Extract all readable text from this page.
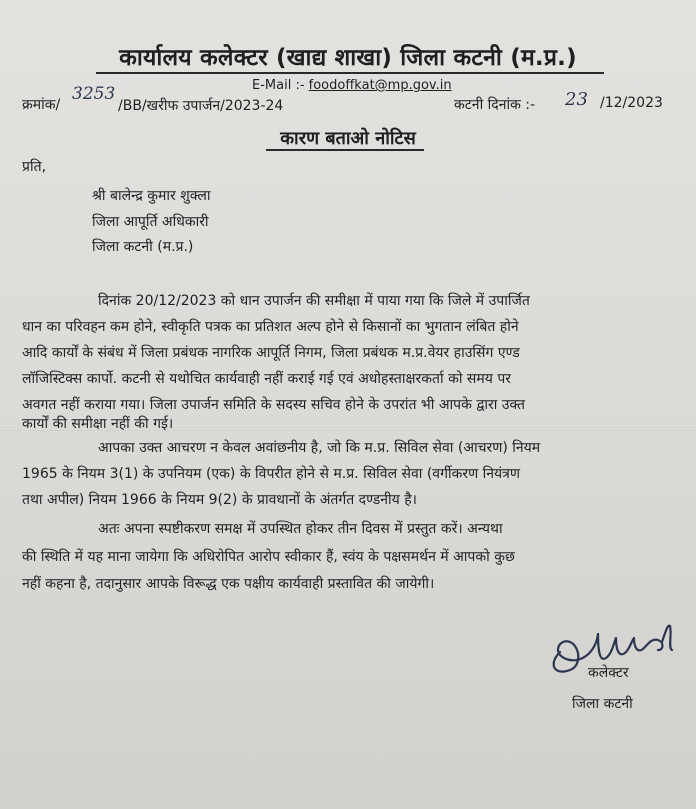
कार्यालय कलेक्टर (खाद्य शाखा) जिला कटनी (म.प्र.)
E-Mail :- foodoffkat@mp.gov.in
क्रमांक/
3253
/BB/खरीफ उपार्जन/2023-24	कटनी दिनांक :- 23 /12/2023
कारण बताओ नोटिस
प्रति,
श्री बालेन्द्र कुमार शुक्ला
जिला आपूर्ति अधिकारी
जिला कटनी (म.प्र.)
दिनांक 20/12/2023 को धान उपार्जन की समीक्षा में पाया गया कि जिले में उपार्जित
धान का परिवहन कम होने, स्वीकृति पत्रक का प्रतिशत अल्प होने से किसानों का भुगतान लंबित होने
आदि कार्यों के संबंध में जिला प्रबंधक नागरिक आपूर्ति निगम, जिला प्रबंधक म.प्र.वेयर हाउसिंग एण्ड
लॉजिस्टिक्स कार्पो. कटनी से यथोचित कार्यवाही नहीं कराई गई एवं अधोहस्ताक्षरकर्ता को समय पर
अवगत नहीं कराया गया। जिला उपार्जन समिति के सदस्य सचिव होने के उपरांत भी आपके द्वारा उक्त
कार्यों की समीक्षा नहीं की गई।
आपका उक्त आचरण न केवल अवांछनीय है, जो कि म.प्र. सिविल सेवा (आचरण) नियम
1965 के नियम 3(1) के उपनियम (एक) के विपरीत होने से म.प्र. सिविल सेवा (वर्गीकरण नियंत्रण
तथा अपील) नियम 1966 के नियम 9(2) के प्रावधानों के अंतर्गत दण्डनीय है।
अतः अपना स्पष्टीकरण समक्ष में उपस्थित होकर तीन दिवस में प्रस्तुत करें। अन्यथा
की स्थिति में यह माना जायेगा कि अधिरोपित आरोप स्वीकार हैं, स्वंय के पक्षसमर्थन में आपको कुछ
नहीं कहना है, तदानुसार आपके विरूद्ध एक पक्षीय कार्यवाही प्रस्तावित की जायेगी।
कलेक्टर
जिला कटनी
